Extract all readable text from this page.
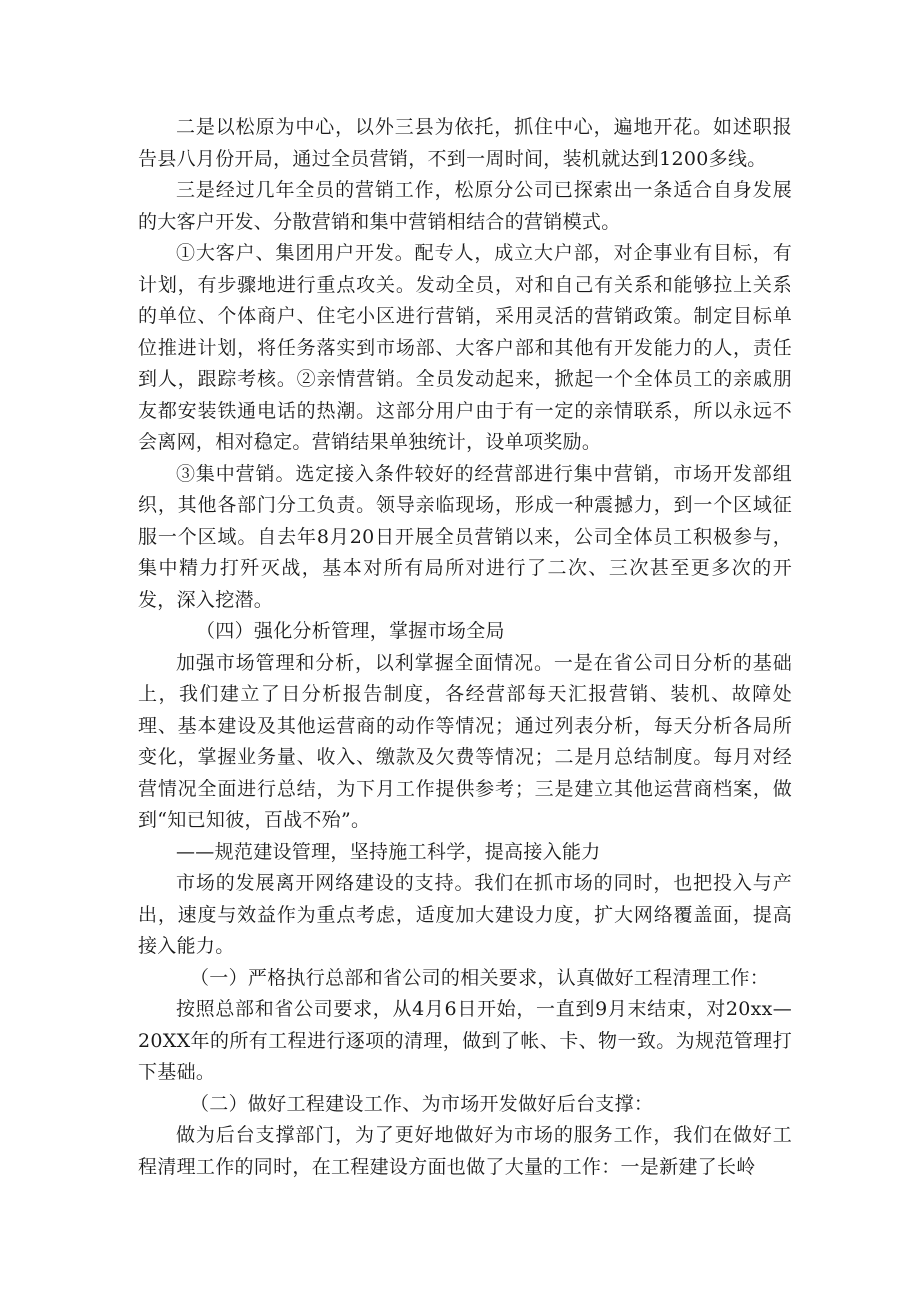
二是以松原为中心，以外三县为依托，抓住中心，遍地开花。如述职报告县八月份开局，通过全员营销，不到一周时间，装机就达到1200多线。

三是经过几年全员的营销工作，松原分公司已探索出一条适合自身发展的大客户开发、分散营销和集中营销相结合的营销模式。

①大客户、集团用户开发。配专人，成立大户部，对企事业有目标，有计划，有步骤地进行重点攻关。发动全员，对和自己有关系和能够拉上关系的单位、个体商户、住宅小区进行营销，采用灵活的营销政策。制定目标单位推进计划，将任务落实到市场部、大客户部和其他有开发能力的人，责任到人，跟踪考核。②亲情营销。全员发动起来，掀起一个全体员工的亲戚朋友都安装铁通电话的热潮。这部分用户由于有一定的亲情联系，所以永远不会离网，相对稳定。营销结果单独统计，设单项奖励。

③集中营销。选定接入条件较好的经营部进行集中营销，市场开发部组织，其他各部门分工负责。领导亲临现场，形成一种震撼力，到一个区域征服一个区域。自去年8月20日开展全员营销以来，公司全体员工积极参与，集中精力打歼灭战，基本对所有局所对进行了二次、三次甚至更多次的开发，深入挖潜。

（四）强化分析管理，掌握市场全局

加强市场管理和分析，以利掌握全面情况。一是在省公司日分析的基础上，我们建立了日分析报告制度，各经营部每天汇报营销、装机、故障处理、基本建设及其他运营商的动作等情况；通过列表分析，每天分析各局所变化，掌握业务量、收入、缴款及欠费等情况；二是月总结制度。每月对经营情况全面进行总结，为下月工作提供参考；三是建立其他运营商档案，做到“知已知彼，百战不殆”。

——规范建设管理，坚持施工科学，提高接入能力

市场的发展离开网络建设的支持。我们在抓市场的同时，也把投入与产出，速度与效益作为重点考虑，适度加大建设力度，扩大网络覆盖面，提高接入能力。

（一）严格执行总部和省公司的相关要求，认真做好工程清理工作：

按照总部和省公司要求，从4月6日开始，一直到9月末结束，对20xx—20XX年的所有工程进行逐项的清理，做到了帐、卡、物一致。为规范管理打下基础。

（二）做好工程建设工作、为市场开发做好后台支撑：

做为后台支撑部门，为了更好地做好为市场的服务工作，我们在做好工程清理工作的同时，在工程建设方面也做了大量的工作：一是新建了长岭
